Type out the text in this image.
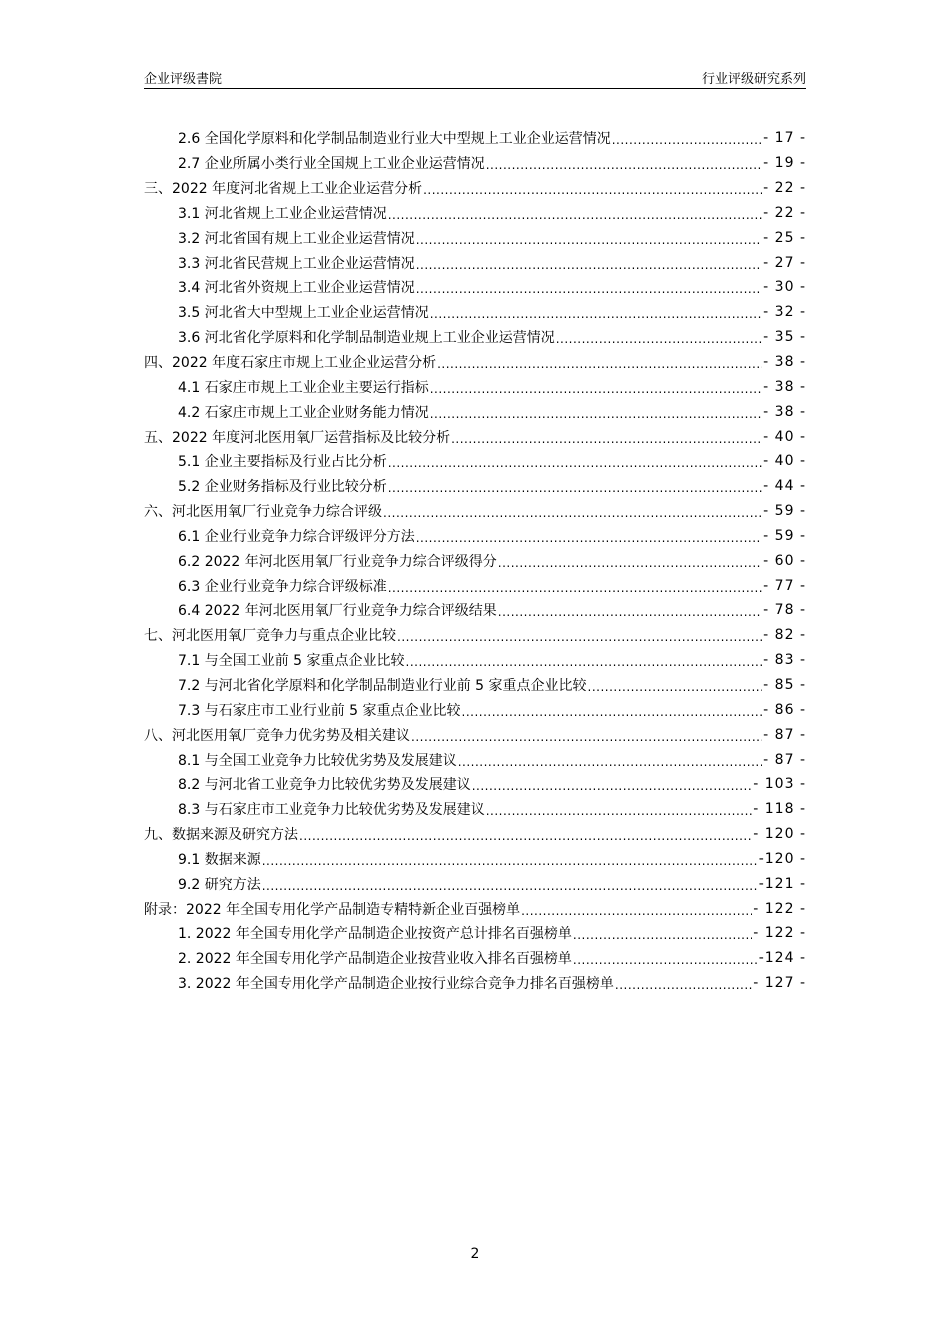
企业评级書院	行业评级研究系列
2.6 全国化学原料和化学制品制造业行业大中型规上工业企业运营情况 .....	- 17 -
2.7 企业所属小类行业全国规上工业企业运营情况 .....	- 19 -
三、2022 年度河北省规上工业企业运营分析 .....	- 22 -
3.1 河北省规上工业企业运营情况 .....	- 22 -
3.2 河北省国有规上工业企业运营情况 .....	- 25 -
3.3 河北省民营规上工业企业运营情况 .....	- 27 -
3.4 河北省外资规上工业企业运营情况 .....	- 30 -
3.5 河北省大中型规上工业企业运营情况 .....	- 32 -
3.6 河北省化学原料和化学制品制造业规上工业企业运营情况 .....	- 35 -
四、2022 年度石家庄市规上工业企业运营分析 .....	- 38 -
4.1 石家庄市规上工业企业主要运行指标 .....	- 38 -
4.2 石家庄市规上工业企业财务能力情况 .....	- 38 -
五、2022 年度河北医用氧厂运营指标及比较分析 .....	- 40 -
5.1 企业主要指标及行业占比分析 .....	- 40 -
5.2 企业财务指标及行业比较分析 .....	- 44 -
六、河北医用氧厂行业竞争力综合评级 .....	- 59 -
6.1 企业行业竞争力综合评级评分方法 .....	- 59 -
6.2 2022 年河北医用氧厂行业竞争力综合评级得分 .....	- 60 -
6.3 企业行业竞争力综合评级标准 .....	- 77 -
6.4 2022 年河北医用氧厂行业竞争力综合评级结果 .....	- 78 -
七、河北医用氧厂竞争力与重点企业比较 .....	- 82 -
7.1 与全国工业前 5 家重点企业比较 .....	- 83 -
7.2 与河北省化学原料和化学制品制造业行业前 5 家重点企业比较 .....	- 85 -
7.3 与石家庄市工业行业前 5 家重点企业比较 .....	- 86 -
八、河北医用氧厂竞争力优劣势及相关建议 .....	- 87 -
8.1 与全国工业竞争力比较优劣势及发展建议 .....	- 87 -
8.2 与河北省工业竞争力比较优劣势及发展建议 .....	- 103 -
8.3 与石家庄市工业竞争力比较优劣势及发展建议 .....	- 118 -
九、数据来源及研究方法 .....	- 120 -
9.1 数据来源 .....	-120 -
9.2 研究方法 .....	-121 -
附录：2022 年全国专用化学产品制造专精特新企业百强榜单 .....	- 122 -
1. 2022 年全国专用化学产品制造企业按资产总计排名百强榜单 .....	- 122 -
2. 2022 年全国专用化学产品制造企业按营业收入排名百强榜单 .....	-124 -
3. 2022 年全国专用化学产品制造企业按行业综合竞争力排名百强榜单 .....	- 127 -
2
